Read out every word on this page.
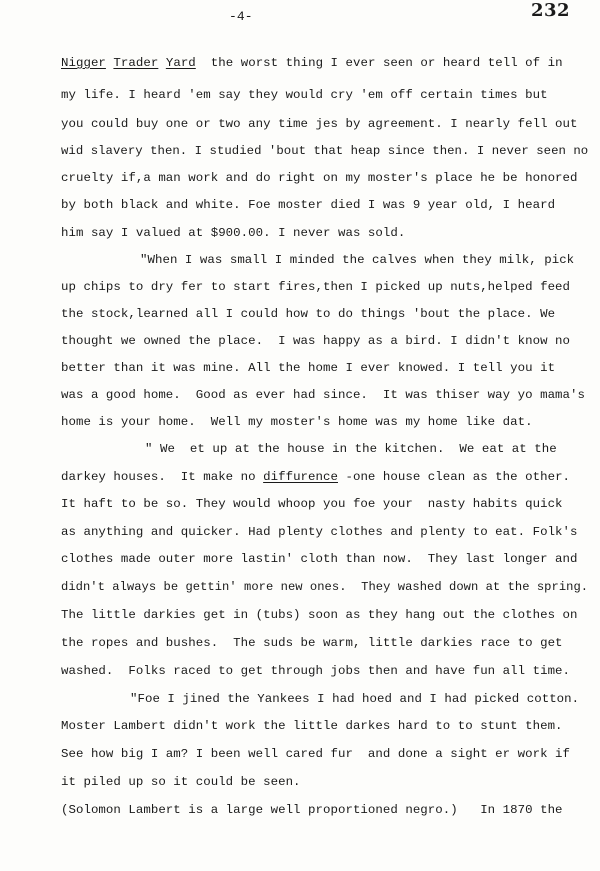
-4-	232
Nigger Trader Yard the worst thing I ever seen or heard tell of in
my life. I heard 'em say they would cry 'em off certain times but
you could buy one or two any time jes by agreement. I nearly fell out
wid slavery then. I studied 'bout that heap since then. I never seen no
cruelty if,a man work and do right on my moster's place he be honored
by both black and white. Foe moster died I was 9 year old, I heard
him say I valued at $900.00. I never was sold.
"When I was small I minded the calves when they milk, pick
up chips to dry fer to start fires,then I picked up nuts,helped feed
the stock,learned all I could how to do things 'bout the place. We
thought we owned the place.  I was happy as a bird. I didn't know no
better than it was mine. All the home I ever knowed. I tell you it
was a good home.  Good as ever had since.  It was thiser way yo mama's
home is your home.  Well my moster's home was my home like dat.
" We  et up at the house in the kitchen.  We eat at the
darkey houses.  It make no diffurence -one house clean as the other.
It haft to be so. They would whoop you foe your  nasty habits quick
as anything and quicker. Had plenty clothes and plenty to eat. Folk's
clothes made outer more lastin' cloth than now.  They last longer and
didn't always be gettin' more new ones.  They washed down at the spring.
The little darkies get in (tubs) soon as they hang out the clothes on
the ropes and bushes.  The suds be warm, little darkies race to get
washed.  Folks raced to get through jobs then and have fun all time.
"Foe I jined the Yankees I had hoed and I had picked cotton.
Moster Lambert didn't work the little darkes hard to to stunt them.
See how big I am? I been well cared fur  and done a sight er work if
it piled up so it could be seen.
(Solomon Lambert is a large well proportioned negro.)   In 1870 the
